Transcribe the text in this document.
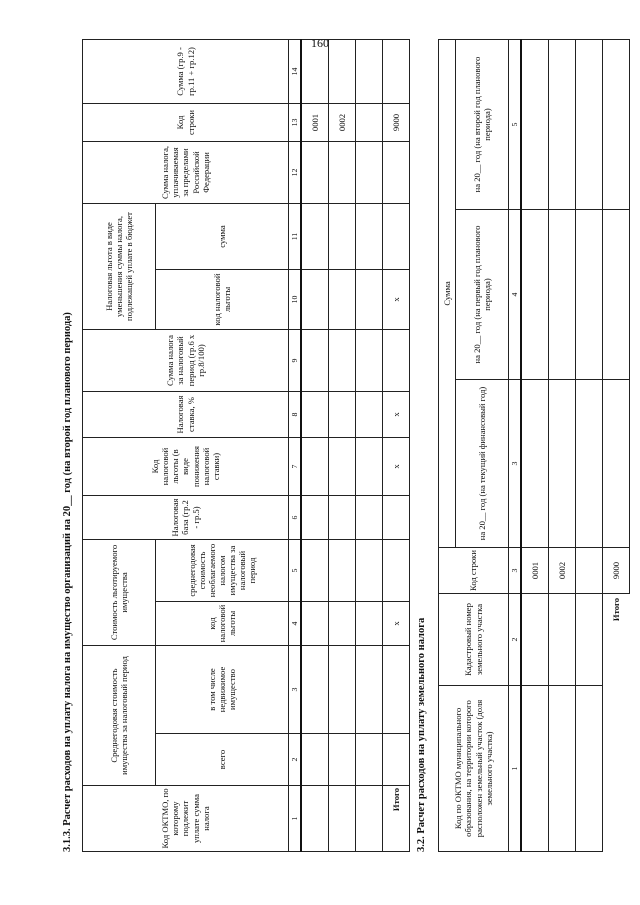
160
3.1.3. Расчет расходов на уплату налога на имущество организаций на 20__ год (на второй год планового периода)	Код ОКТМО, по которому подлежит уплате сумма налога	Среднегодовая стоимость имущества за налоговый период		Стоимость льготируемого имущества		Налоговая база (гр.2 - гр.5)	Код налоговой льготы (в виде понижения налоговой ставки)	Налоговая ставка, %	Сумма налога за налоговый период (гр.6 х гр.8/100)	Налоговая льгота в виде уменьшения суммы налога, подлежащей уплате в бюджет		Сумма налога, уплачиваемая за пределами Российской Федерации	Код строки	Сумма (гр.9 - гр.11 + гр.12)
	всего	в том числе недвижимое имущество	код налоговой льготы	среднегодовая стоимость необлагаемого налогом имущества за налоговый период					код налоговой льготы	сумма			
1	2	3	4	5	6	7	8	9	10	11	12	13	14
												0001	
												0002	

Итого			x			x	x		x			9000	
3.2. Расчет расходов на уплату земельного налога	Код по ОКТМО муниципального образования, на территории которого расположен земельный участок (доля земельного участка)	Кадастровый номер земельного участка	Код строки	Сумма		
			на 20__ год (на текущий финансовый год)	на 20__ год (на первый год планового периода)	на 20__ год (на второй год планового периода)
1	2	3	3	4	5
		0001			
		0002			

	Итого	9000			
